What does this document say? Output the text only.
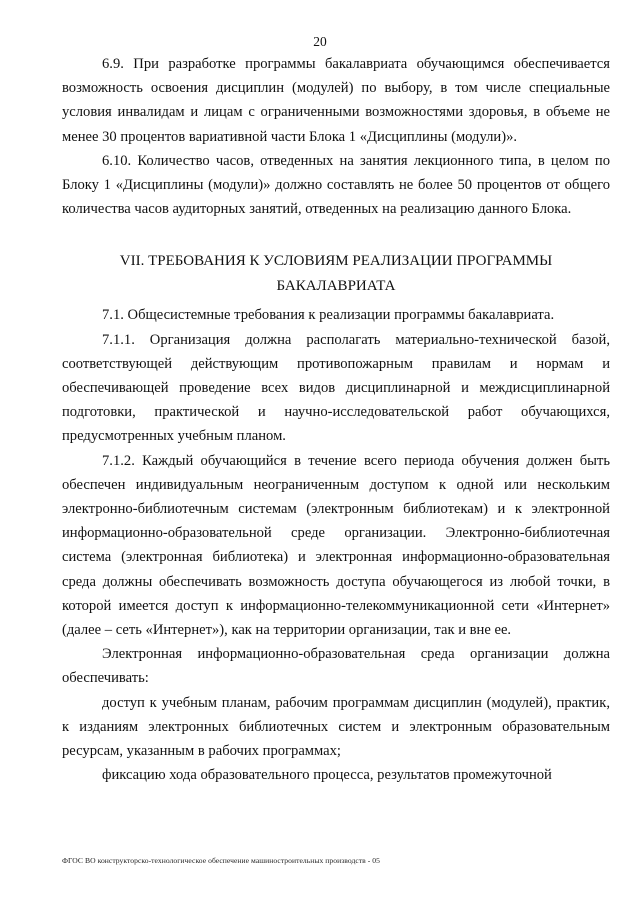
20

6.9. При разработке программы бакалавриата обучающимся обеспечивается возможность освоения дисциплин (модулей) по выбору, в том числе специальные условия инвалидам и лицам с ограниченными возможностями здоровья, в объеме не менее 30 процентов вариативной части Блока 1 «Дисциплины (модули)».

6.10. Количество часов, отведенных на занятия лекционного типа, в целом по Блоку 1 «Дисциплины (модули)» должно составлять не более 50 процентов от общего количества часов аудиторных занятий, отведенных на реализацию данного Блока.

VII. ТРЕБОВАНИЯ К УСЛОВИЯМ РЕАЛИЗАЦИИ ПРОГРАММЫ
БАКАЛАВРИАТА

7.1. Общесистемные требования к реализации программы бакалавриата.

7.1.1. Организация должна располагать материально-технической базой, соответствующей действующим противопожарным правилам и нормам и обеспечивающей проведение всех видов дисциплинарной и междисциплинарной подготовки, практической и научно-исследовательской работ обучающихся, предусмотренных учебным планом.

7.1.2. Каждый обучающийся в течение всего периода обучения должен быть обеспечен индивидуальным неограниченным доступом к одной или нескольким электронно-библиотечным системам (электронным библиотекам) и к электронной информационно-образовательной среде организации. Электронно-библиотечная система (электронная библиотека) и электронная информационно-образовательная среда должны обеспечивать возможность доступа обучающегося из любой точки, в которой имеется доступ к информационно-телекоммуникационной сети «Интернет» (далее – сеть «Интернет»), как на территории организации, так и вне ее.

Электронная информационно-образовательная среда организации должна обеспечивать:

доступ к учебным планам, рабочим программам дисциплин (модулей), практик, к изданиям электронных библиотечных систем и электронным образовательным ресурсам, указанным в рабочих программах;

фиксацию хода образовательного процесса, результатов промежуточной

ФГОС ВО конструкторско-технологическое обеспечение машиностроительных производств - 05
